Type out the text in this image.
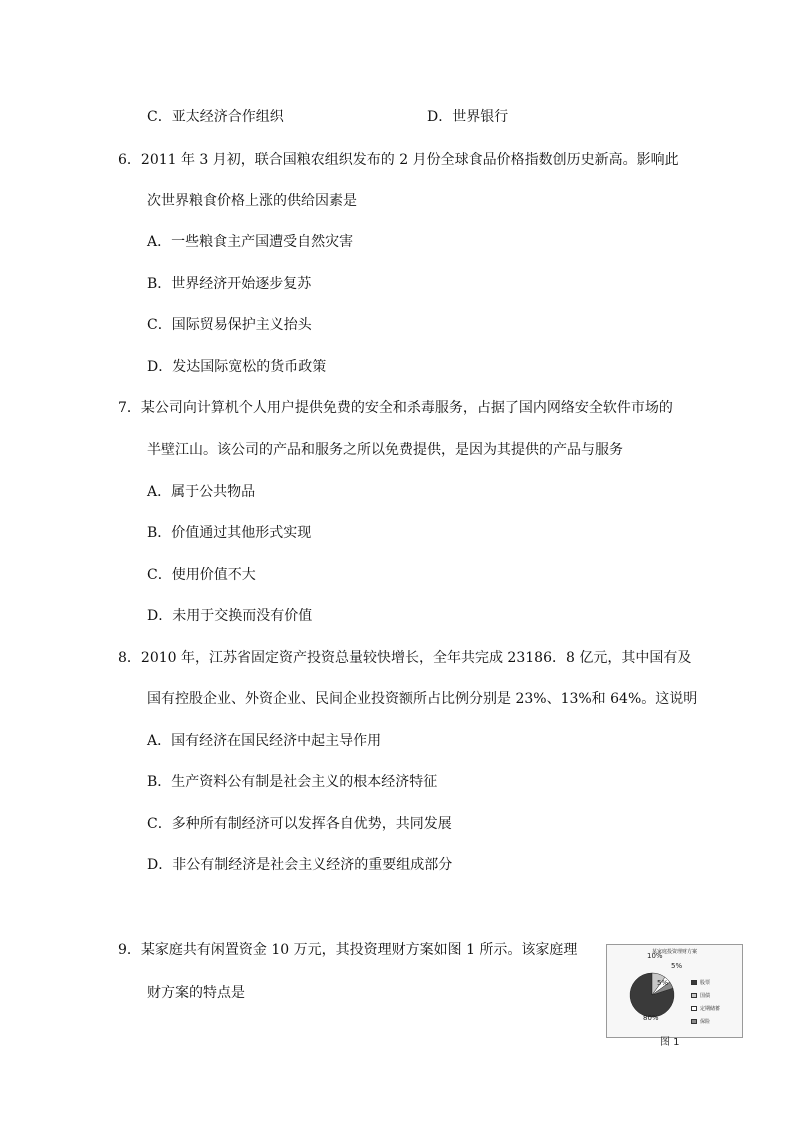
C．亚太经济合作组织	D．世界银行
6．2011 年 3 月初，联合国粮农组织发布的 2 月份全球食品价格指数创历史新高。影响此
次世界粮食价格上涨的供给因素是
A．一些粮食主产国遭受自然灾害
B．世界经济开始逐步复苏
C．国际贸易保护主义抬头
D．发达国际宽松的货币政策
7．某公司向计算机个人用户提供免费的安全和杀毒服务，占据了国内网络安全软件市场的
半壁江山。该公司的产品和服务之所以免费提供，是因为其提供的产品与服务
A．属于公共物品
B．价值通过其他形式实现
C．使用价值不大
D．未用于交换而没有价值
8．2010 年，江苏省固定资产投资总量较快增长，全年共完成 23186．8 亿元，其中国有及
国有控股企业、外资企业、民间企业投资额所占比例分别是 23%、13%和 64%。这说明
A．国有经济在国民经济中起主导作用
B．生产资料公有制是社会主义的根本经济特征
C．多种所有制经济可以发挥各自优势，共同发展
D．非公有制经济是社会主义经济的重要组成部分
9．某家庭共有闲置资金 10 万元，其投资理财方案如图 1 所示。该家庭理
财方案的特点是
某家庭投资理财方案
股票
国债
定期储蓄
保险
80%
10%
5%
5%
图 1
